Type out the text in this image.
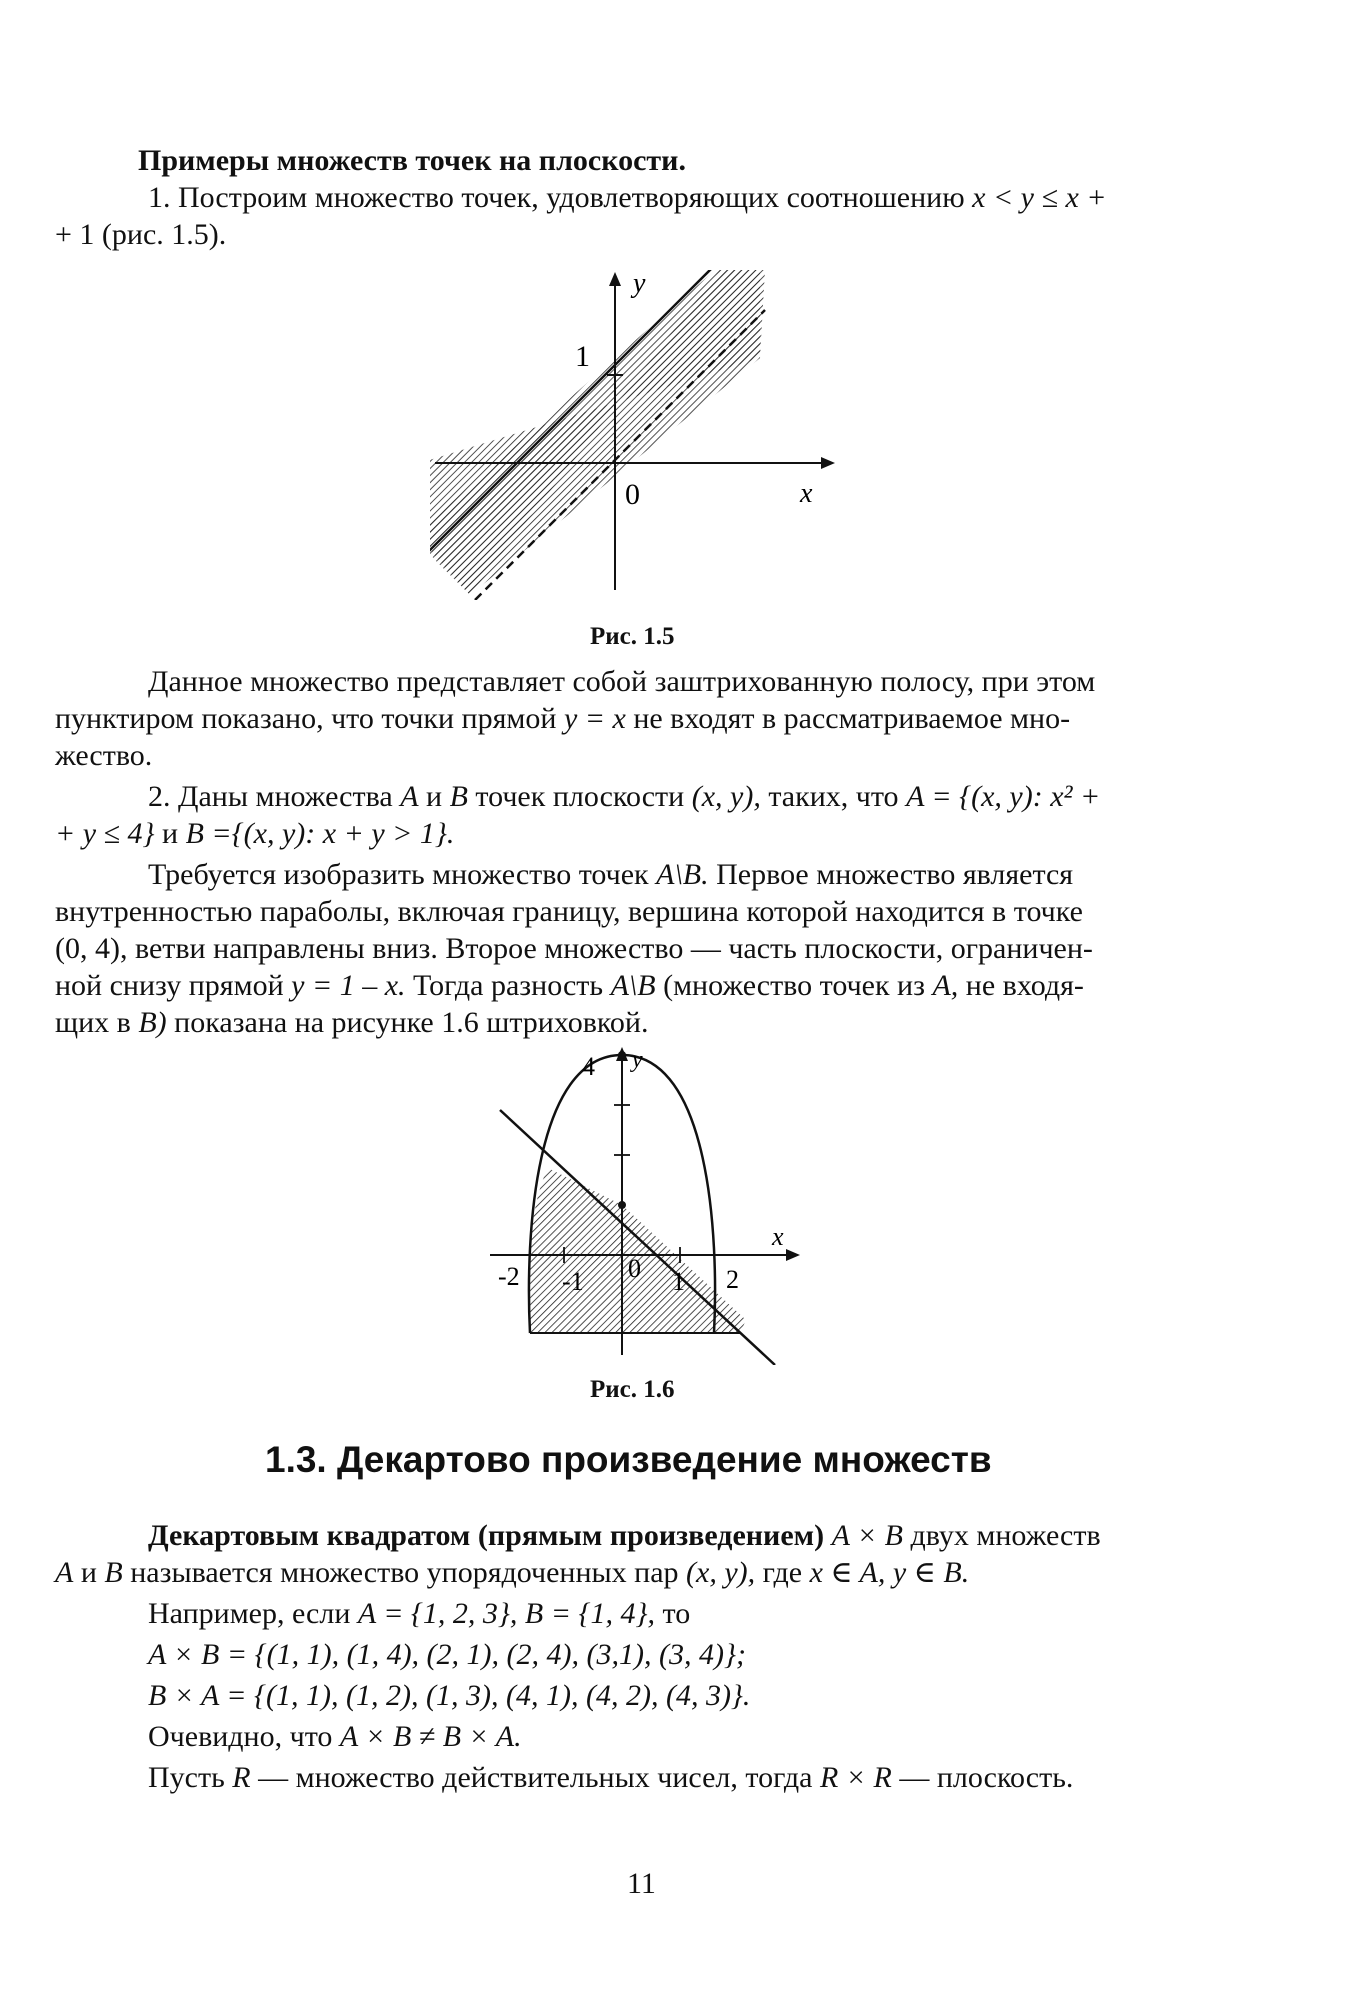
Примеры множеств точек на плоскости.
1. Построим множество точек, удовлетворяющих соотношению x < y ≤ x +
+ 1 (рис. 1.5).
y
1
0	x
Рис. 1.5
Данное множество представляет собой заштрихованную полосу, при этом
пунктиром показано, что точки прямой y = x не входят в рассматриваемое мно-
жество.
2. Даны множества A и B точек плоскости (x, y), таких, что A = {(x, y): x² +
+ y ≤ 4} и B ={(x, y): x + y > 1}.
Требуется изобразить множество точек A\B. Первое множество является
внутренностью параболы, включая границу, вершина которой находится в точке
(0, 4), ветви направлены вниз. Второе множество — часть плоскости, ограничен-
ной снизу прямой y = 1 – x. Тогда разность A\B (множество точек из A, не входя-
щих в B) показана на рисунке 1.6 штриховкой.
y
4
x
-2 -1 0 1 2
Рис. 1.6
1.3. Декартово произведение множеств
Декартовым квадратом (прямым произведением) A × B двух множеств
A и B называется множество упорядоченных пар (x, y), где x ∈ A, y ∈ B.
Например, если A = {1, 2, 3}, B = {1, 4}, то
A × B = {(1, 1), (1, 4), (2, 1), (2, 4), (3,1), (3, 4)};
B × A = {(1, 1), (1, 2), (1, 3), (4, 1), (4, 2), (4, 3)}.
Очевидно, что A × B ≠ B × A.
Пусть R — множество действительных чисел, тогда R × R — плоскость.
11
